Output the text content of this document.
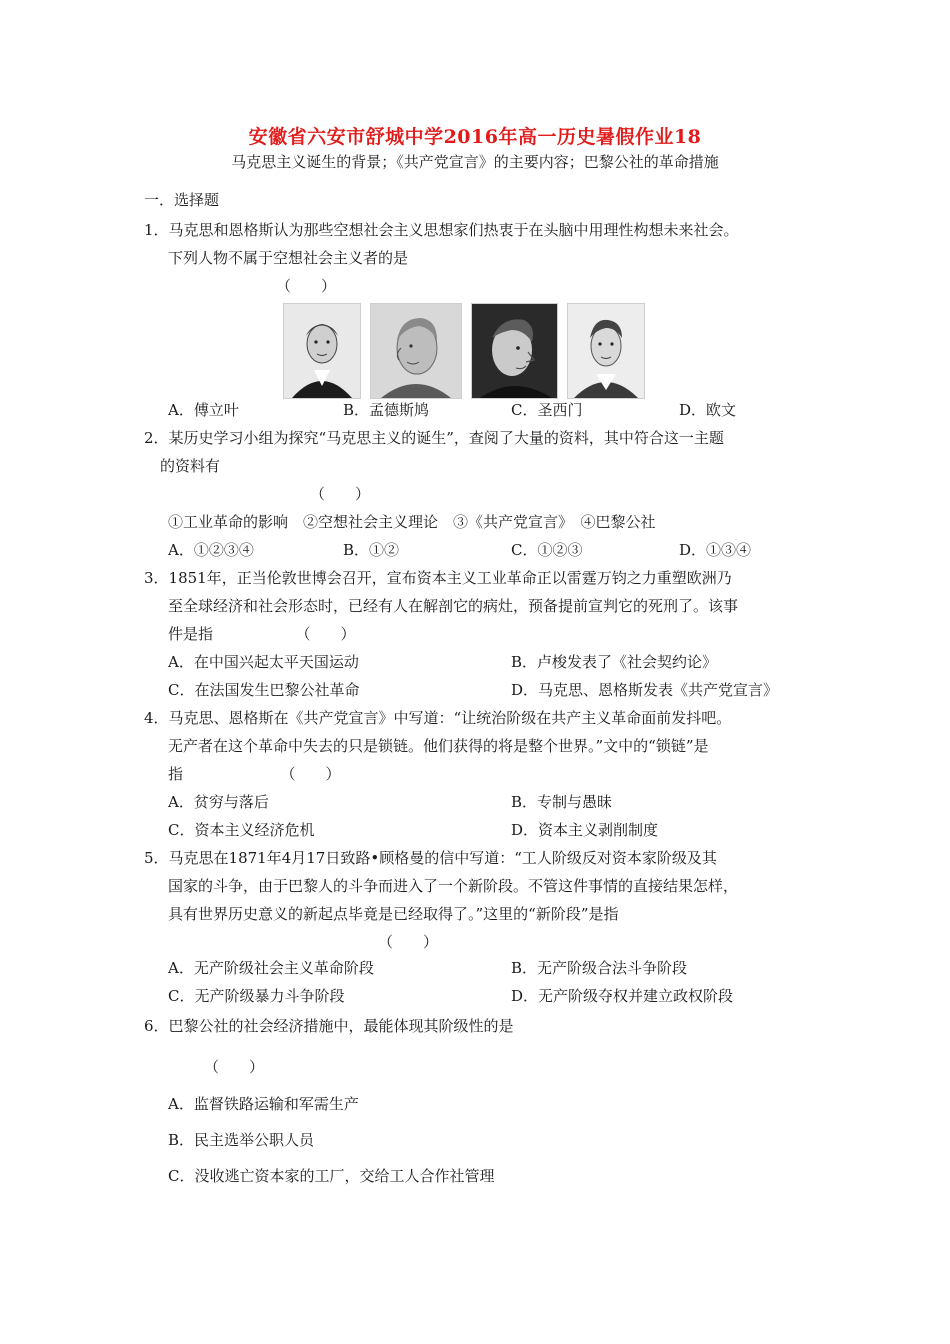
安徽省六安市舒城中学2016年高一历史暑假作业18
马克思主义诞生的背景；《共产党宣言》的主要内容；巴黎公社的革命措施
一．选择题
1．马克思和恩格斯认为那些空想社会主义思想家们热衷于在头脑中用理性构想未来社会。
下列人物不属于空想社会主义者的是
（　　）
A．傅立叶	B．孟德斯鸠	C．圣西门	D．欧文
2．某历史学习小组为探究“马克思主义的诞生”，查阅了大量的资料，其中符合这一主题
的资料有
（　　）
①工业革命的影响　②空想社会主义理论　③《共产党宣言》　④巴黎公社
A．①②③④	B．①②	C．①②③	D．①③④
3．1851年，正当伦敦世博会召开，宣布资本主义工业革命正以雷霆万钧之力重塑欧洲乃
至全球经济和社会形态时，已经有人在解剖它的病灶，预备提前宣判它的死刑了。该事
件是指　　　　　　（　　）
A．在中国兴起太平天国运动	B．卢梭发表了《社会契约论》
C．在法国发生巴黎公社革命	D．马克思、恩格斯发表《共产党宣言》
4．马克思、恩格斯在《共产党宣言》中写道：“让统治阶级在共产主义革命面前发抖吧。
无产者在这个革命中失去的只是锁链。他们获得的将是整个世界。”文中的“锁链”是
指　　　　　　　（　　）
A．贫穷与落后	B．专制与愚昧
C．资本主义经济危机	D．资本主义剥削制度
5．马克思在1871年4月17日致路•顾格曼的信中写道：“工人阶级反对资本家阶级及其
国家的斗争，由于巴黎人的斗争而进入了一个新阶段。不管这件事情的直接结果怎样，
具有世界历史意义的新起点毕竟是已经取得了。”这里的“新阶段”是指
（　　）
A．无产阶级社会主义革命阶段	B．无产阶级合法斗争阶段
C．无产阶级暴力斗争阶段	D．无产阶级夺权并建立政权阶段
6．巴黎公社的社会经济措施中，最能体现其阶级性的是
（　　）
A．监督铁路运输和军需生产
B．民主选举公职人员
C．没收逃亡资本家的工厂，交给工人合作社管理
